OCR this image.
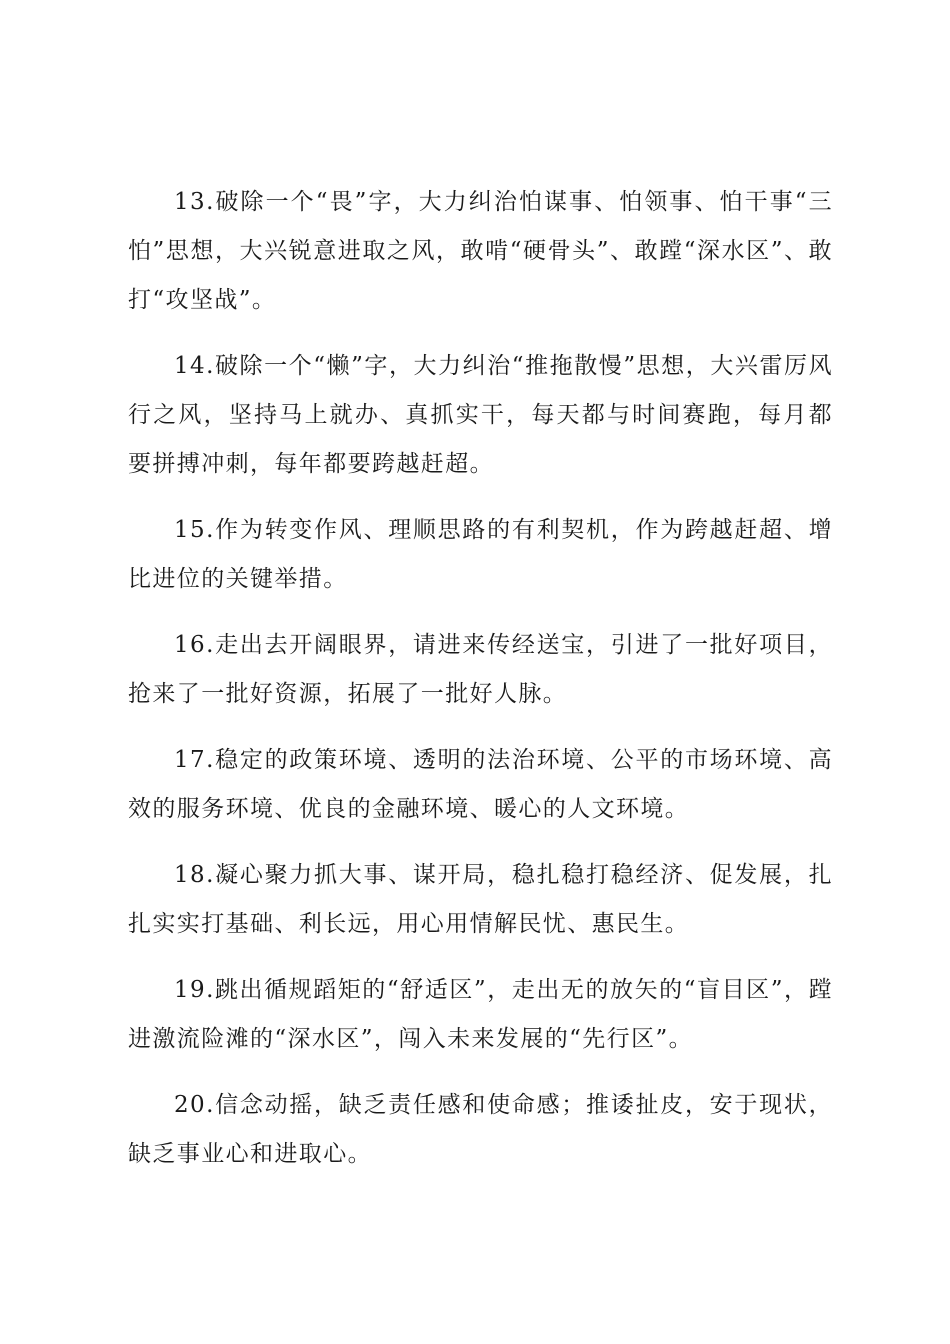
13.破除一个“畏”字，大力纠治怕谋事、怕领事、怕干事“三怕”思想，大兴锐意进取之风，敢啃“硬骨头”、敢蹚“深水区”、敢打“攻坚战”。

14.破除一个“懒”字，大力纠治“推拖散慢”思想，大兴雷厉风行之风，坚持马上就办、真抓实干，每天都与时间赛跑，每月都要拼搏冲刺，每年都要跨越赶超。

15.作为转变作风、理顺思路的有利契机，作为跨越赶超、增比进位的关键举措。

16.走出去开阔眼界，请进来传经送宝，引进了一批好项目，抢来了一批好资源，拓展了一批好人脉。

17.稳定的政策环境、透明的法治环境、公平的市场环境、高效的服务环境、优良的金融环境、暖心的人文环境。

18.凝心聚力抓大事、谋开局，稳扎稳打稳经济、促发展，扎扎实实打基础、利长远，用心用情解民忧、惠民生。

19.跳出循规蹈矩的“舒适区”，走出无的放矢的“盲目区”，蹚进激流险滩的“深水区”，闯入未来发展的“先行区”。

20.信念动摇，缺乏责任感和使命感；推诿扯皮，安于现状，缺乏事业心和进取心。
